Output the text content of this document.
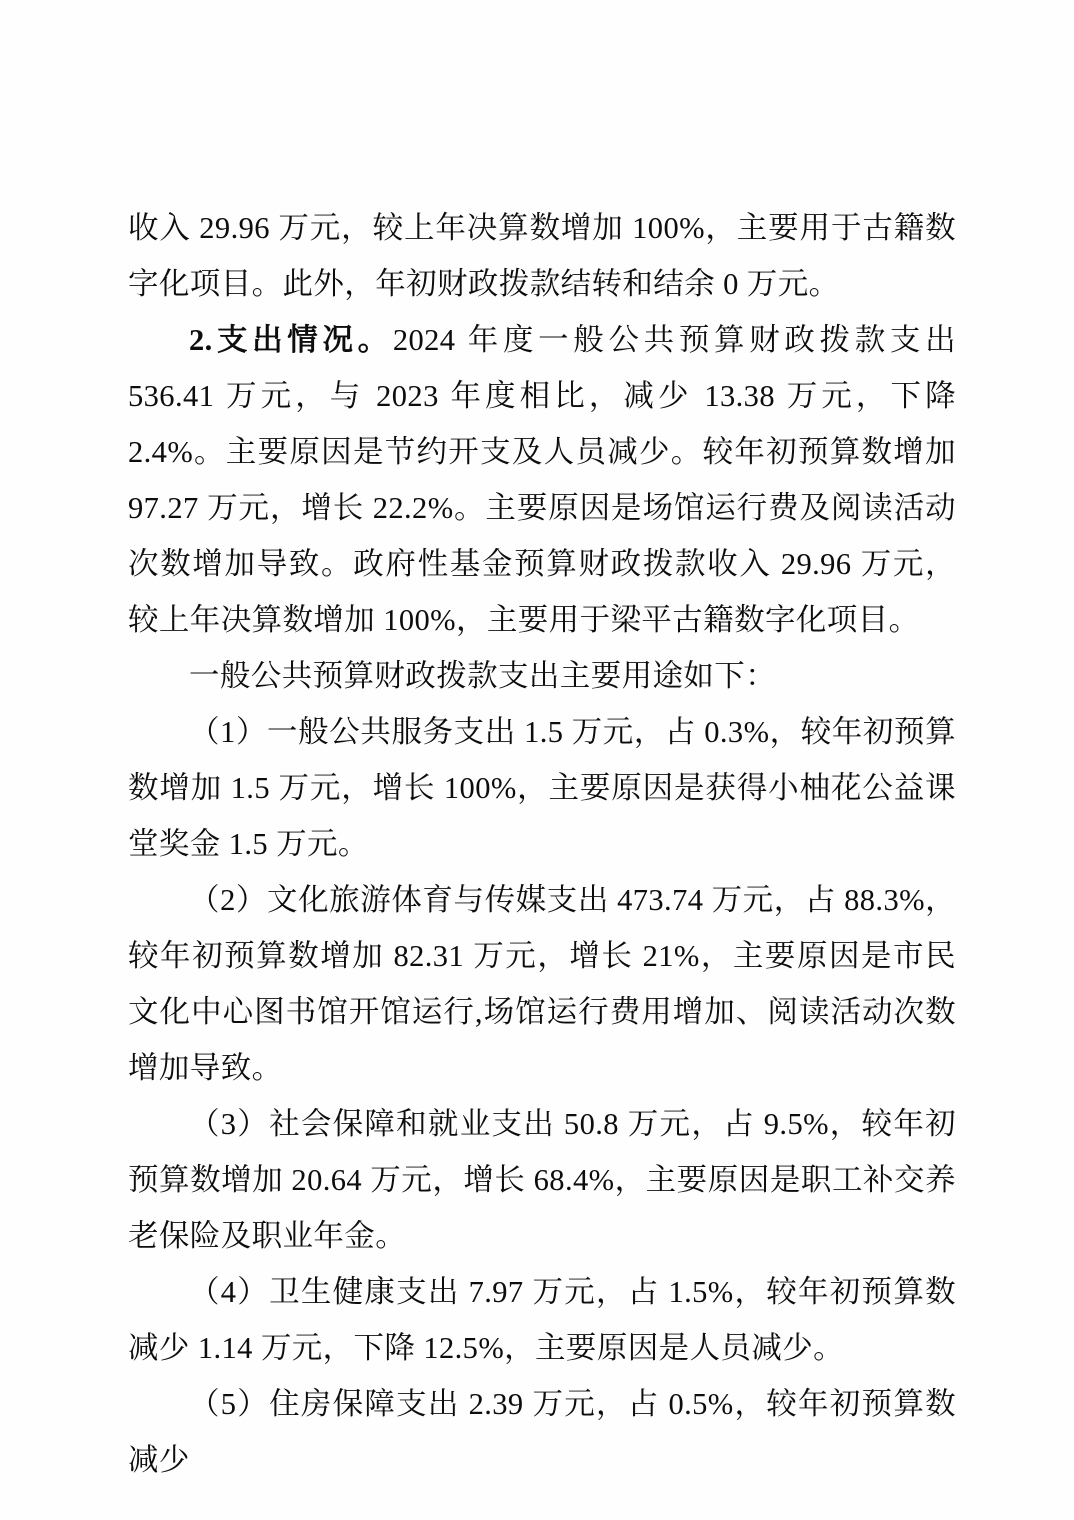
收入 29.96 万元，较上年决算数增加 100%，主要用于古籍数字化项目。此外，年初财政拨款结转和结余 0 万元。

2.支出情况。2024 年度一般公共预算财政拨款支出 536.41 万元，与 2023 年度相比，减少 13.38 万元，下降 2.4%。主要原因是节约开支及人员减少。较年初预算数增加 97.27 万元，增长 22.2%。主要原因是场馆运行费及阅读活动次数增加导致。政府性基金预算财政拨款收入 29.96 万元，较上年决算数增加 100%，主要用于梁平古籍数字化项目。

一般公共预算财政拨款支出主要用途如下：

（1）一般公共服务支出 1.5 万元，占 0.3%，较年初预算数增加 1.5 万元，增长 100%，主要原因是获得小柚花公益课堂奖金 1.5 万元。

（2）文化旅游体育与传媒支出 473.74 万元，占 88.3%，较年初预算数增加 82.31 万元，增长 21%，主要原因是市民文化中心图书馆开馆运行,场馆运行费用增加、阅读活动次数增加导致。

（3）社会保障和就业支出 50.8 万元，占 9.5%，较年初预算数增加 20.64 万元，增长 68.4%，主要原因是职工补交养老保险及职业年金。

（4）卫生健康支出 7.97 万元，占 1.5%，较年初预算数减少 1.14 万元，下降 12.5%，主要原因是人员减少。

（5）住房保障支出 2.39 万元，占 0.5%，较年初预算数减少
